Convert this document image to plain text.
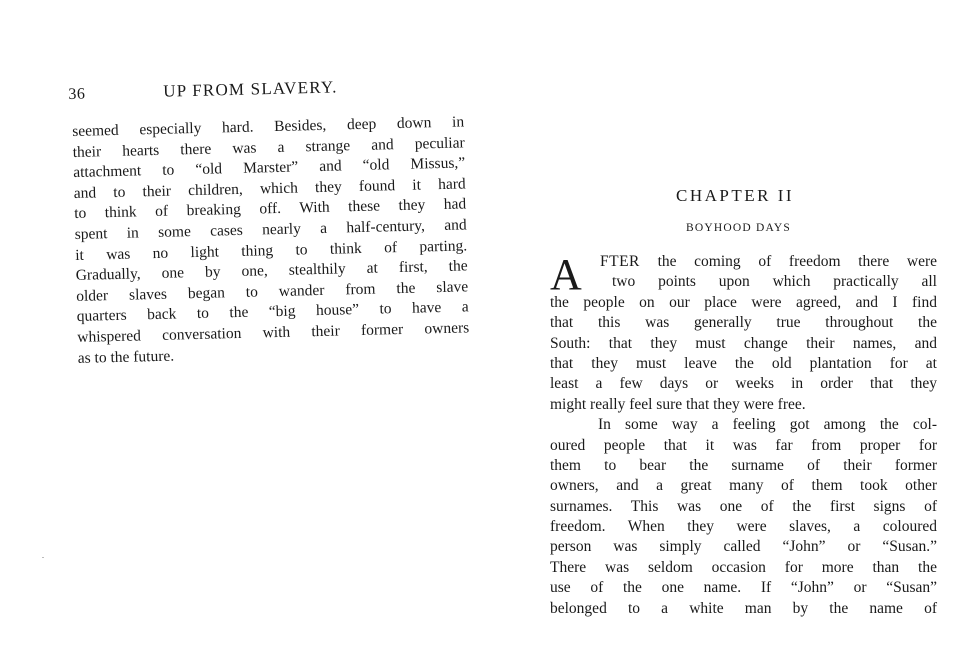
36	UP FROM SLAVERY.
seemed especially hard. Besides, deep down in
their hearts there was a strange and peculiar
attachment to “old Marster” and “old Missus,”
and to their children, which they found it hard
to think of breaking off. With these they had
spent in some cases nearly a half-century, and
it was no light thing to think of parting.
Gradually, one by one, stealthily at first, the
older slaves began to wander from the slave
quarters back to the “big house” to have a
whispered conversation with their former owners
as to the future.
CHAPTER II
BOYHOOD DAYS
A	FTER the coming of freedom there were
two points upon which practically all
the people on our place were agreed, and I find
that this was generally true throughout the
South: that they must change their names, and
that they must leave the old plantation for at
least a few days or weeks in order that they
might really feel sure that they were free.
In some way a feeling got among the col-
oured people that it was far from proper for
them to bear the surname of their former
owners, and a great many of them took other
surnames. This was one of the first signs of
freedom. When they were slaves, a coloured
person was simply called “John” or “Susan.”
There was seldom occasion for more than the
use of the one name. If “John” or “Susan”
belonged to a white man by the name of
